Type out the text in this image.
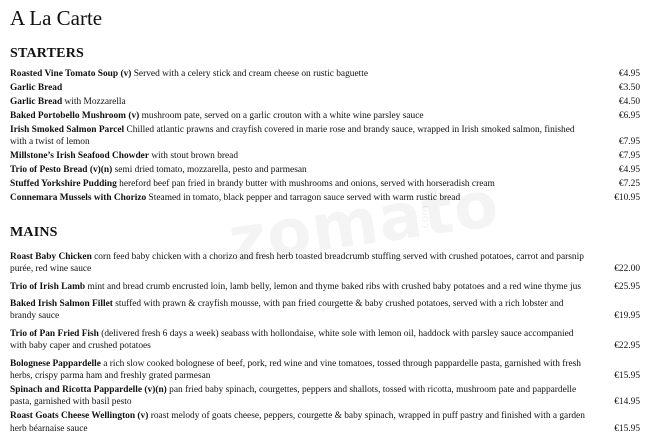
A La Carte
STARTERS
Roasted Vine Tomato Soup (v) Served with a celery stick and cream cheese on rustic baguette	€4.95
Garlic Bread	€3.50
Garlic Bread with Mozzarella	€4.50
Baked Portobello Mushroom (v) mushroom pate, served on a garlic crouton with a white wine parsley sauce	€6.95
Irish Smoked Salmon Parcel Chilled atlantic prawns and crayfish covered in marie rose and brandy sauce, wrapped in Irish smoked salmon, finished with a twist of lemon	€7.95
Millstone’s Irish Seafood Chowder with stout brown bread	€7.95
Trio of Pesto Bread (v)(n) semi dried tomato, mozzarella, pesto and parmesan	€4.95
Stuffed Yorkshire Pudding hereford beef pan fried in brandy butter with mushrooms and onions, served with horseradish cream	€7.25
Connemara Mussels with Chorizo Steamed in tomato, black pepper and tarragon sauce served with warm rustic bread	€10.95
MAINS
Roast Baby Chicken corn feed baby chicken with a chorizo and fresh herb toasted breadcrumb stuffing served with crushed potatoes, carrot and parsnip purée, red wine sauce	€22.00
Trio of Irish Lamb mint and bread crumb encrusted loin, lamb belly, lemon and thyme baked ribs with crushed baby potatoes and a red wine thyme jus	€25.95
Baked Irish Salmon Fillet stuffed with prawn & crayfish mousse, with pan fried courgette & baby crushed potatoes, served with a rich lobster and brandy sauce	€19.95
Trio of Pan Fried Fish (delivered fresh 6 days a week) seabass with hollondaise, white sole with lemon oil, haddock with parsley sauce accompanied with baby caper and crushed potatoes	€22.95
Bolognese Pappardelle a rich slow cooked bolognese of beef, pork, red wine and vine tomatoes, tossed through pappardelle pasta, garnished with fresh herbs, crispy parma ham and freshly grated parmesan	€15.95
Spinach and Ricotta Pappardelle (v)(n) pan fried baby spinach, courgettes, peppers and shallots, tossed with ricotta, mushroom pate and pappardelle pasta, garnished with basil pesto	€14.95
Roast Goats Cheese Wellington (v) roast melody of goats cheese, peppers, courgette & baby spinach, wrapped in puff pastry and finished with a garden herb béarnaise sauce	€15.95
.com
